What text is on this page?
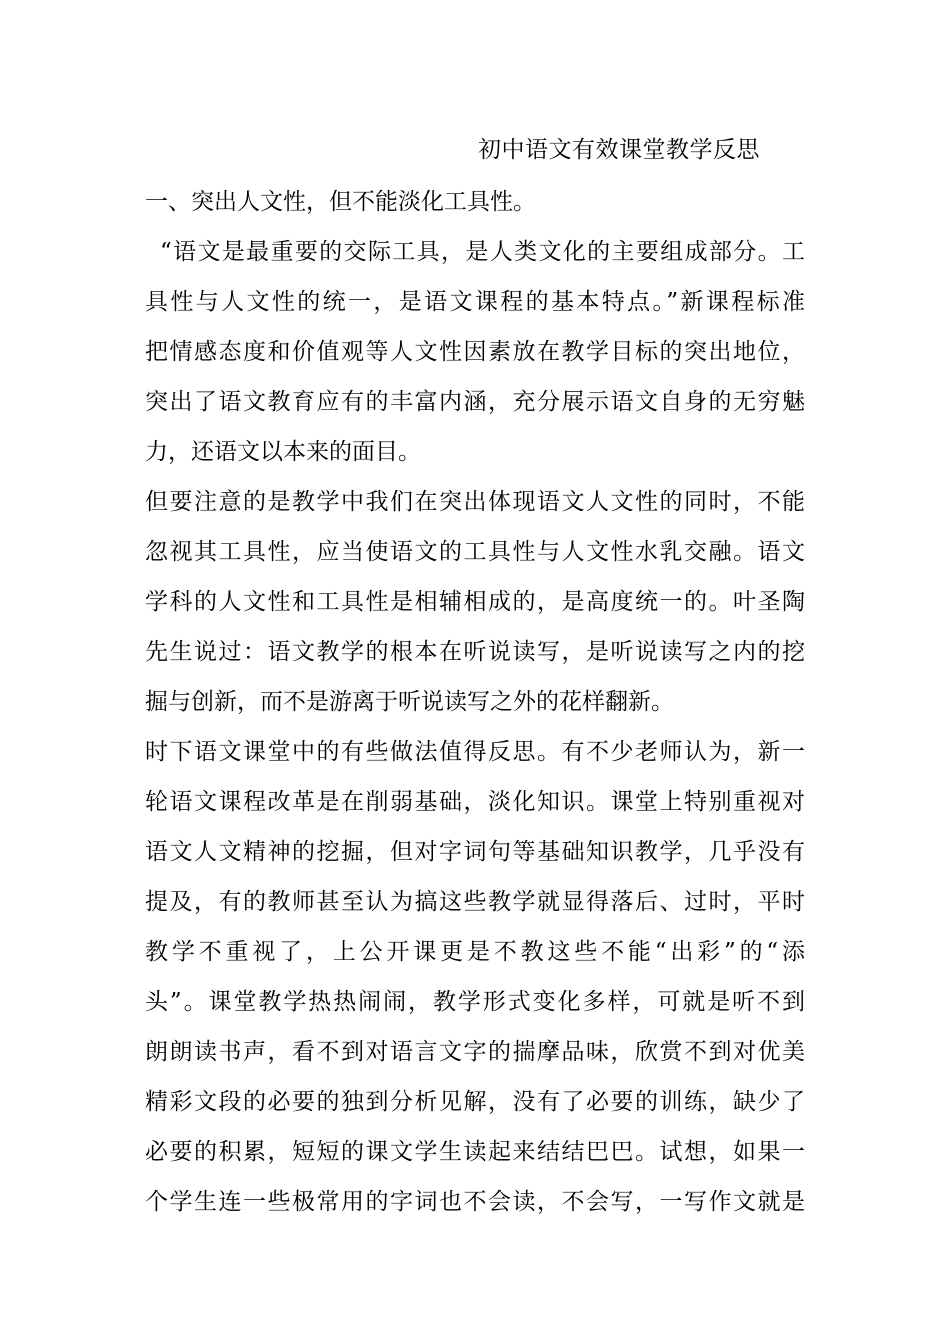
初中语文有效课堂教学反思
一、突出人文性，但不能淡化工具性。
“语文是最重要的交际工具，是人类文化的主要组成部分。工
具性与人文性的统一，是语文课程的基本特点。”新课程标准
把情感态度和价值观等人文性因素放在教学目标的突出地位，
突出了语文教育应有的丰富内涵，充分展示语文自身的无穷魅
力，还语文以本来的面目。
但要注意的是教学中我们在突出体现语文人文性的同时，不能
忽视其工具性，应当使语文的工具性与人文性水乳交融。语文
学科的人文性和工具性是相辅相成的，是高度统一的。叶圣陶
先生说过：语文教学的根本在听说读写，是听说读写之内的挖
掘与创新，而不是游离于听说读写之外的花样翻新。
时下语文课堂中的有些做法值得反思。有不少老师认为，新一
轮语文课程改革是在削弱基础，淡化知识。课堂上特别重视对
语文人文精神的挖掘，但对字词句等基础知识教学，几乎没有
提及，有的教师甚至认为搞这些教学就显得落后、过时，平时
教学不重视了，上公开课更是不教这些不能“出彩”的“添
头”。课堂教学热热闹闹，教学形式变化多样，可就是听不到
朗朗读书声，看不到对语言文字的揣摩品味，欣赏不到对优美
精彩文段的必要的独到分析见解，没有了必要的训练，缺少了
必要的积累，短短的课文学生读起来结结巴巴。试想，如果一
个学生连一些极常用的字词也不会读，不会写，一写作文就是
